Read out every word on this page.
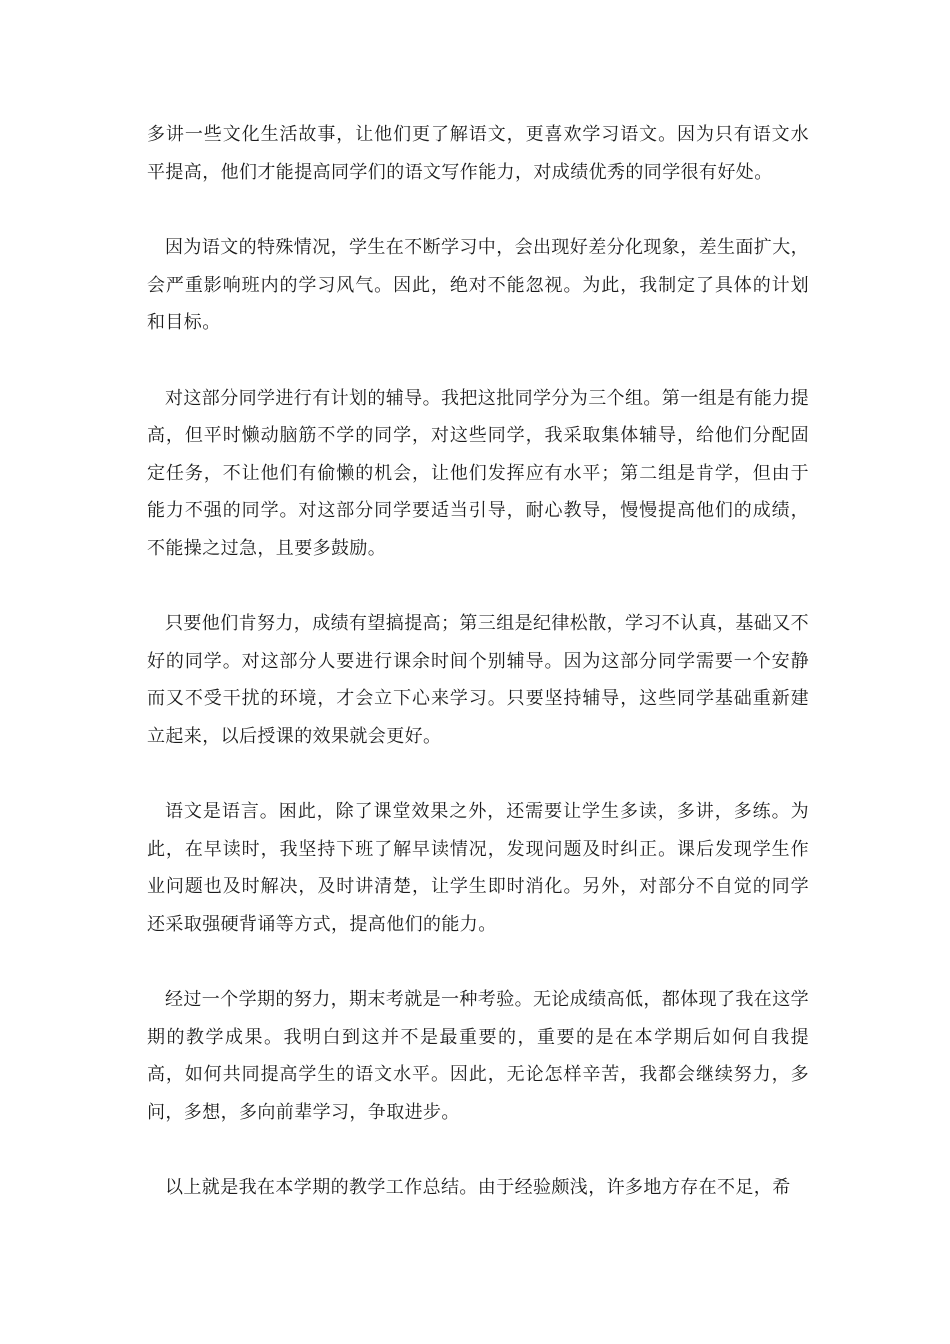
多讲一些文化生活故事，让他们更了解语文，更喜欢学习语文。因为只有语文水平提高，他们才能提高同学们的语文写作能力，对成绩优秀的同学很有好处。

因为语文的特殊情况，学生在不断学习中，会出现好差分化现象，差生面扩大，会严重影响班内的学习风气。因此，绝对不能忽视。为此，我制定了具体的计划和目标。

对这部分同学进行有计划的辅导。我把这批同学分为三个组。第一组是有能力提高，但平时懒动脑筋不学的同学，对这些同学，我采取集体辅导，给他们分配固定任务，不让他们有偷懒的机会，让他们发挥应有水平；第二组是肯学，但由于能力不强的同学。对这部分同学要适当引导，耐心教导，慢慢提高他们的成绩，不能操之过急，且要多鼓励。

只要他们肯努力，成绩有望搞提高；第三组是纪律松散，学习不认真，基础又不好的同学。对这部分人要进行课余时间个别辅导。因为这部分同学需要一个安静而又不受干扰的环境，才会立下心来学习。只要坚持辅导，这些同学基础重新建立起来，以后授课的效果就会更好。

语文是语言。困此，除了课堂效果之外，还需要让学生多读，多讲，多练。为此，在早读时，我坚持下班了解早读情况，发现问题及时纠正。课后发现学生作业问题也及时解决，及时讲清楚，让学生即时消化。另外，对部分不自觉的同学还采取强硬背诵等方式，提高他们的能力。

经过一个学期的努力，期末考就是一种考验。无论成绩高低，都体现了我在这学期的教学成果。我明白到这并不是最重要的，重要的是在本学期后如何自我提高，如何共同提高学生的语文水平。因此，无论怎样辛苦，我都会继续努力，多问，多想，多向前辈学习，争取进步。

以上就是我在本学期的教学工作总结。由于经验颇浅，许多地方存在不足，希
